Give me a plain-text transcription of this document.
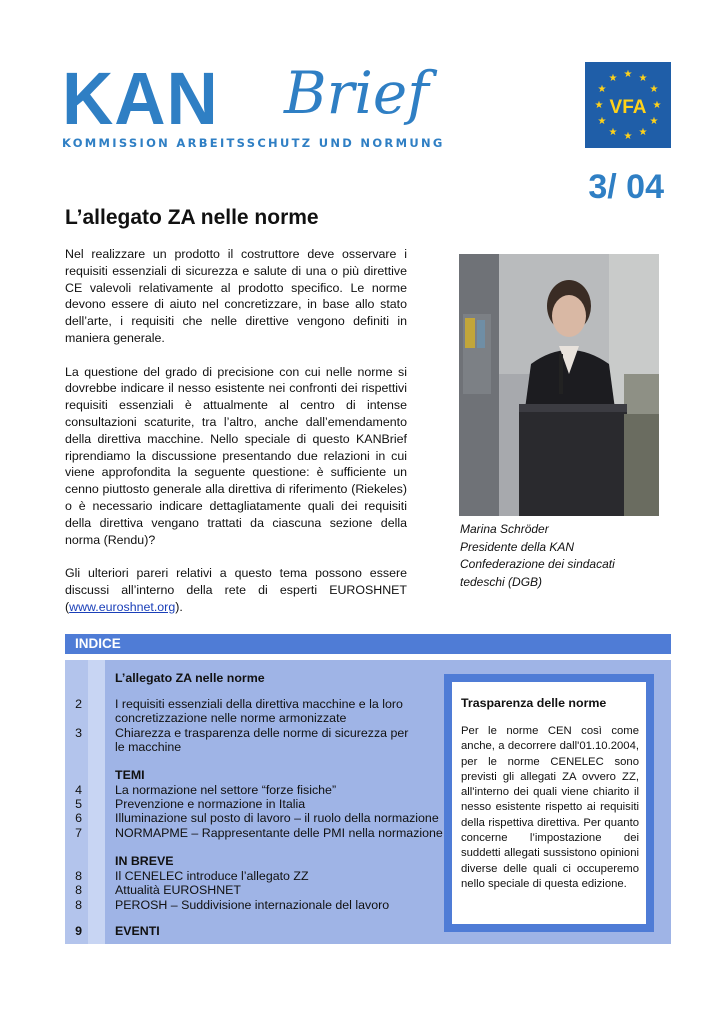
KAN Brief
KOMMISSION ARBEITSSCHUTZ UND NORMUNG
★ ★
★
★
★
★
★
★
★
★
★
★
VFA
3/ 04
L’allegato ZA nelle norme

Nel realizzare un prodotto il costruttore deve osservare i requisiti essenziali di sicurezza e salute di una o più direttive CE valevoli relativamente al prodotto specifico. Le norme devono essere di aiuto nel concretizzare, in base allo stato dell’arte, i requisiti che nelle direttive vengono definiti in maniera generale.

La questione del grado di precisione con cui nelle norme si dovrebbe indicare il nesso esistente nei confronti dei rispettivi requisiti essenziali è attualmente al centro di intense consultazioni scaturite, tra l’altro, anche dall’emendamento della direttiva macchine. Nello speciale di questo KANBrief riprendiamo la discussione presentando due relazioni in cui viene approfondita la seguente questione: è sufficiente un cenno piuttosto generale alla direttiva di riferimento (Riekeles) o è necessario indicare dettagliatamente quali dei requisiti della direttiva vengano trattati da ciascuna sezione della norma (Rendu)?

Gli ulteriori pareri relativi a questo tema possono essere discussi all’interno della rete di esperti EUROSHNET (www.euroshnet.org).

Marina Schröder
Presidente della KAN
Confederazione dei sindacati tedeschi (DGB)
INDICE
L’allegato ZA nelle norme
2	I requisiti essenziali della direttiva macchine e la loro
concretizzazione nelle norme armonizzate
3	Chiarezza e trasparenza delle norme di sicurezza per
le macchine
TEMI
4	La normazione nel settore “forze fisiche”
5	Prevenzione e normazione in Italia
6	Illuminazione sul posto di lavoro – il ruolo della normazione
7	NORMAPME – Rappresentante delle PMI nella normazione
IN BREVE
8	Il CENELEC introduce l’allegato ZZ
8	Attualità EUROSHNET
8	PEROSH – Suddivisione internazionale del lavoro
9	EVENTI
Trasparenza delle norme
Per le norme CEN così come anche, a decorrere dall'01.10.2004, per le norme CENELEC sono previsti gli allegati ZA ovvero ZZ, all'interno dei quali viene chiarito il nesso esistente rispetto ai requisiti della rispettiva direttiva. Per quanto concerne l’impostazione dei suddetti allegati sussistono opinioni diverse delle quali ci occuperemo nello speciale di questa edizione.
